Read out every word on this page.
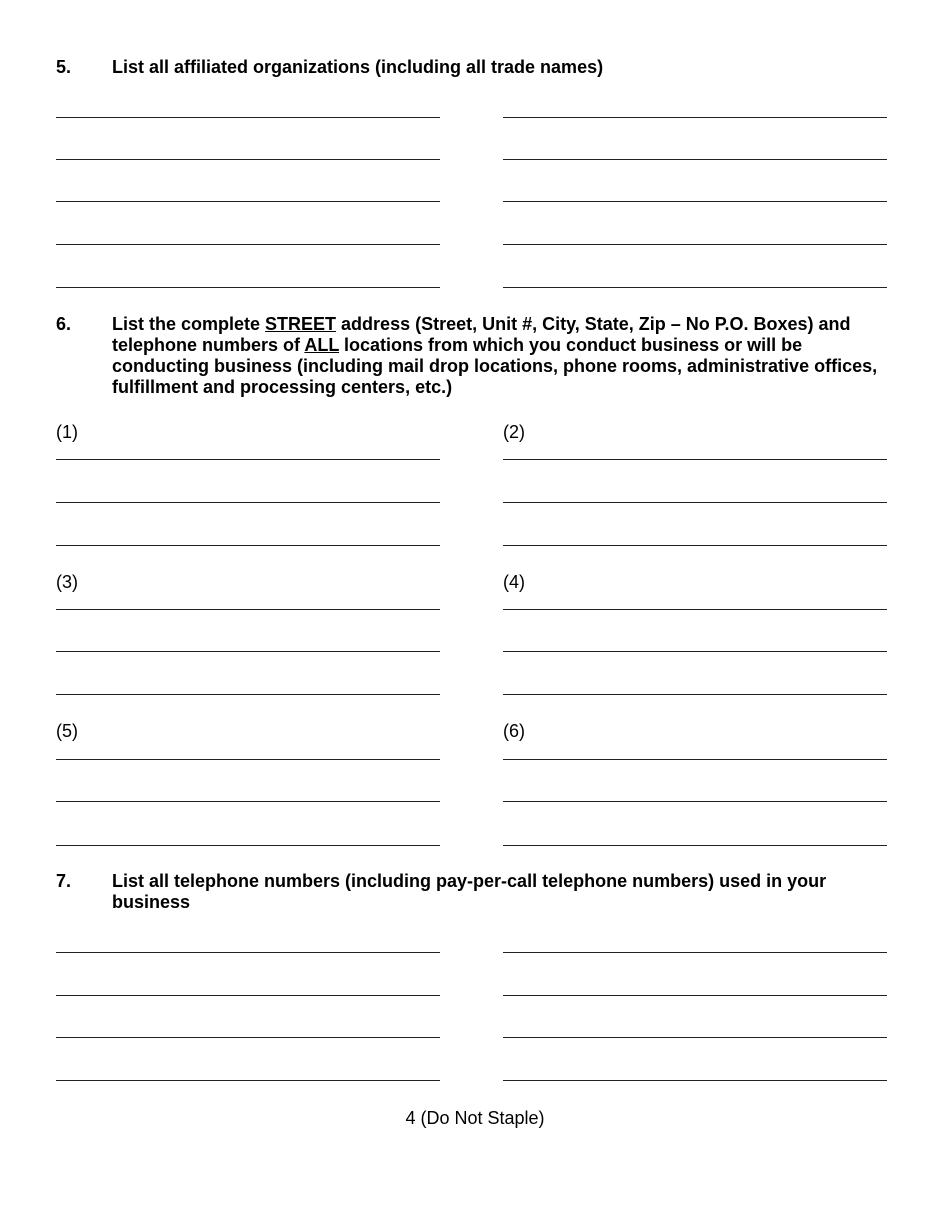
5. List all affiliated organizations (including all trade names)
6. List the complete STREET address (Street, Unit #, City, State, Zip – No P.O. Boxes) and telephone numbers of ALL locations from which you conduct business or will be conducting business (including mail drop locations, phone rooms, administrative offices, fulfillment and processing centers, etc.)
(1)	(2)
(3)	(4)
(5)	(6)
7. List all telephone numbers (including pay-per-call telephone numbers) used in your business
4 (Do Not Staple)
